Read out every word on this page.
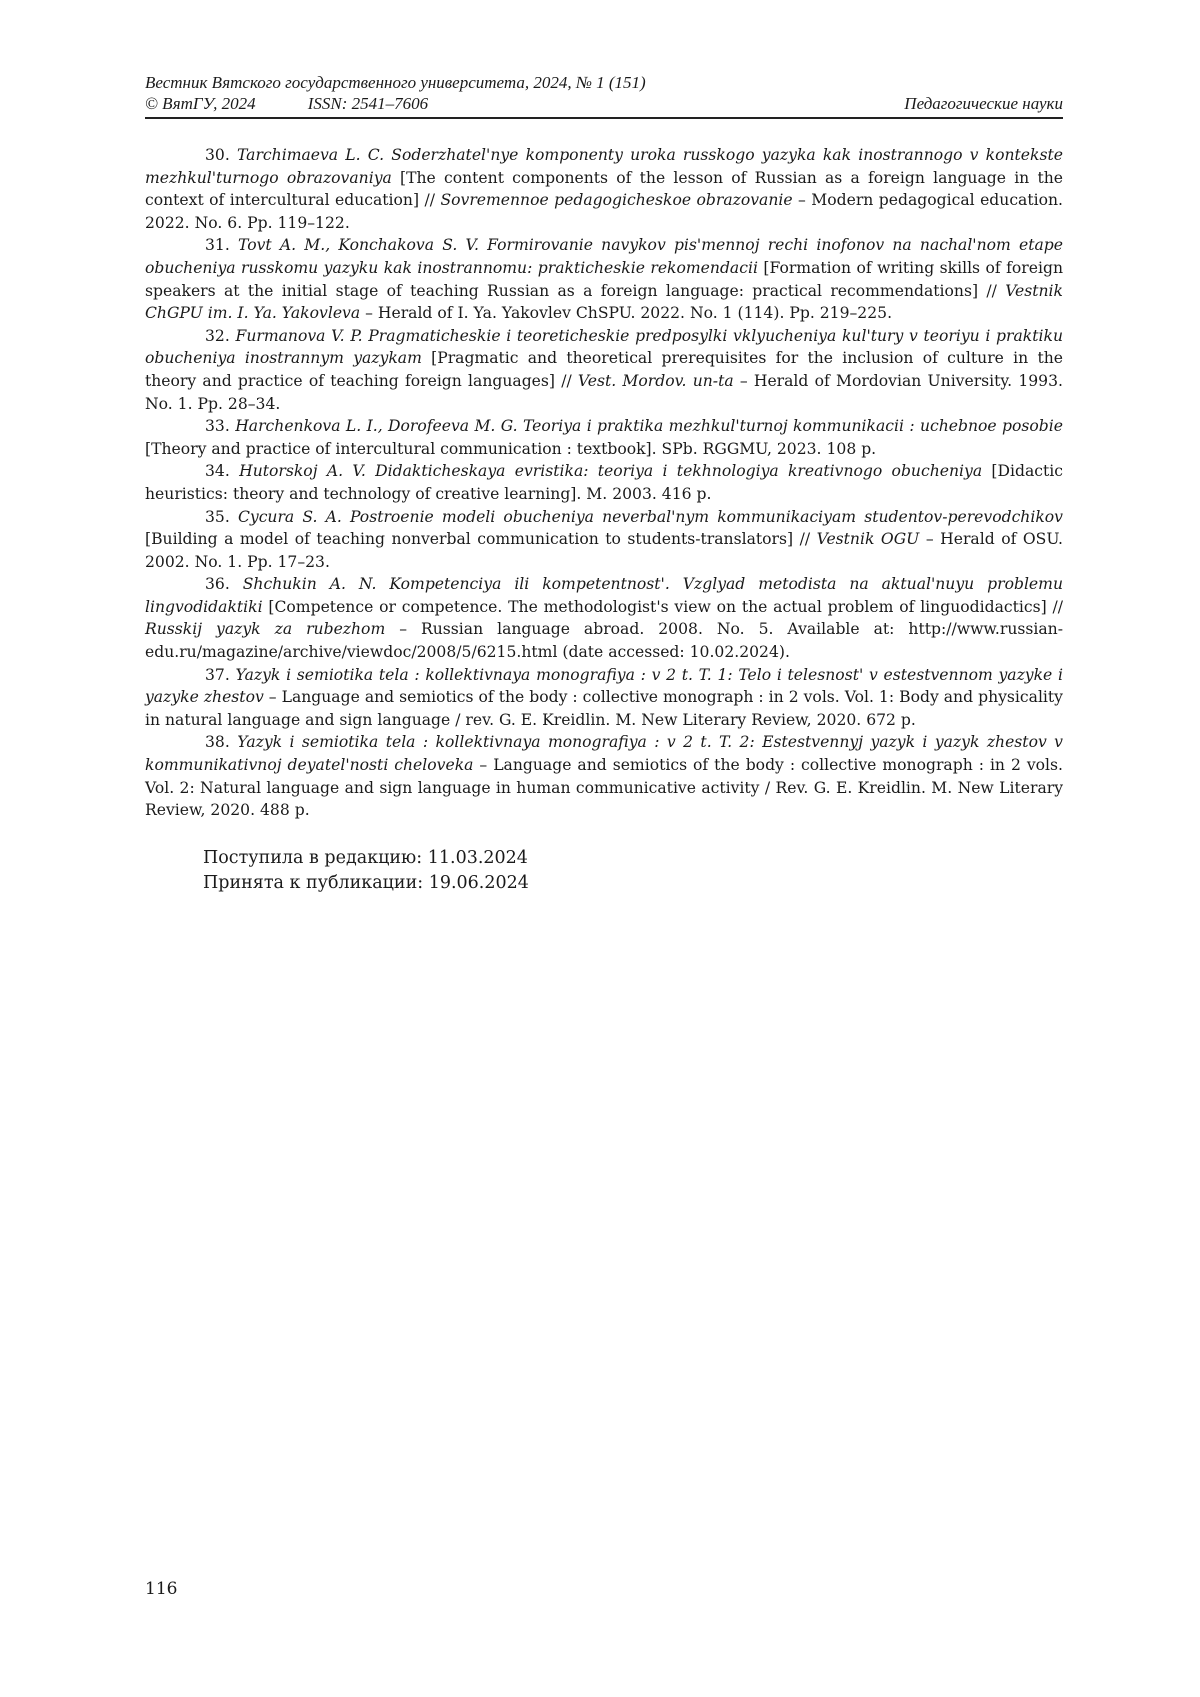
Вестник Вятского государственного университета, 2024, № 1 (151)
© ВятГУ, 2024	ISSN: 2541–7606	Педагогические науки

30. Tarchimaeva L. C. Soderzhatel'nye komponenty uroka russkogo yazyka kak inostrannogo v kontekste mezhkul'turnogo obrazovaniya [The content components of the lesson of Russian as a foreign language in the context of intercultural education] // Sovremennoe pedagogicheskoe obrazovanie – Modern pedagogical education. 2022. No. 6. Pp. 119–122.

31. Tovt A. M., Konchakova S. V. Formirovanie navykov pis'mennoj rechi inofonov na nachal'nom etape obucheniya russkomu yazyku kak inostrannomu: prakticheskie rekomendacii [Formation of writing skills of foreign speakers at the initial stage of teaching Russian as a foreign language: practical recommendations] // Vestnik ChGPU im. I. Ya. Yakovleva – Herald of I. Ya. Yakovlev ChSPU. 2022. No. 1 (114). Pp. 219–225.

32. Furmanova V. P. Pragmaticheskie i teoreticheskie predposylki vklyucheniya kul'tury v teoriyu i praktiku obucheniya inostrannym yazykam [Pragmatic and theoretical prerequisites for the inclusion of culture in the theory and practice of teaching foreign languages] // Vest. Mordov. un-ta – Herald of Mordovian University. 1993. No. 1. Pp. 28–34.

33. Harchenkova L. I., Dorofeeva M. G. Teoriya i praktika mezhkul'turnoj kommunikacii : uchebnoe posobie [Theory and practice of intercultural communication : textbook]. SPb. RGGMU, 2023. 108 p.

34. Hutorskoj A. V. Didakticheskaya evristika: teoriya i tekhnologiya kreativnogo obucheniya [Didactic heuristics: theory and technology of creative learning]. M. 2003. 416 p.

35. Cycura S. A. Postroenie modeli obucheniya neverbal'nym kommunikaciyam studentov-perevodchikov [Building a model of teaching nonverbal communication to students-translators] // Vestnik OGU – Herald of OSU. 2002. No. 1. Pp. 17–23.

36. Shchukin A. N. Kompetenciya ili kompetentnost'. Vzglyad metodista na aktual'nuyu problemu lingvodidaktiki [Competence or competence. The methodologist's view on the actual problem of linguodidactics] // Russkij yazyk za rubezhom – Russian language abroad. 2008. No. 5. Available at: http://www.russian-edu.ru/magazine/archive/viewdoc/2008/5/6215.html (date accessed: 10.02.2024).

37. Yazyk i semiotika tela : kollektivnaya monografiya : v 2 t. T. 1: Telo i telesnost' v estestvennom yazyke i yazyke zhestov – Language and semiotics of the body : collective monograph : in 2 vols. Vol. 1: Body and physicality in natural language and sign language / rev. G. E. Kreidlin. M. New Literary Review, 2020. 672 p.

38. Yazyk i semiotika tela : kollektivnaya monografiya : v 2 t. T. 2: Estestvennyj yazyk i yazyk zhestov v kommunikativnoj deyatel'nosti cheloveka – Language and semiotics of the body : collective monograph : in 2 vols. Vol. 2: Natural language and sign language in human communicative activity / Rev. G. E. Kreidlin. M. New Literary Review, 2020. 488 p.

Поступила в редакцию: 11.03.2024
Принята к публикации: 19.06.2024
116
